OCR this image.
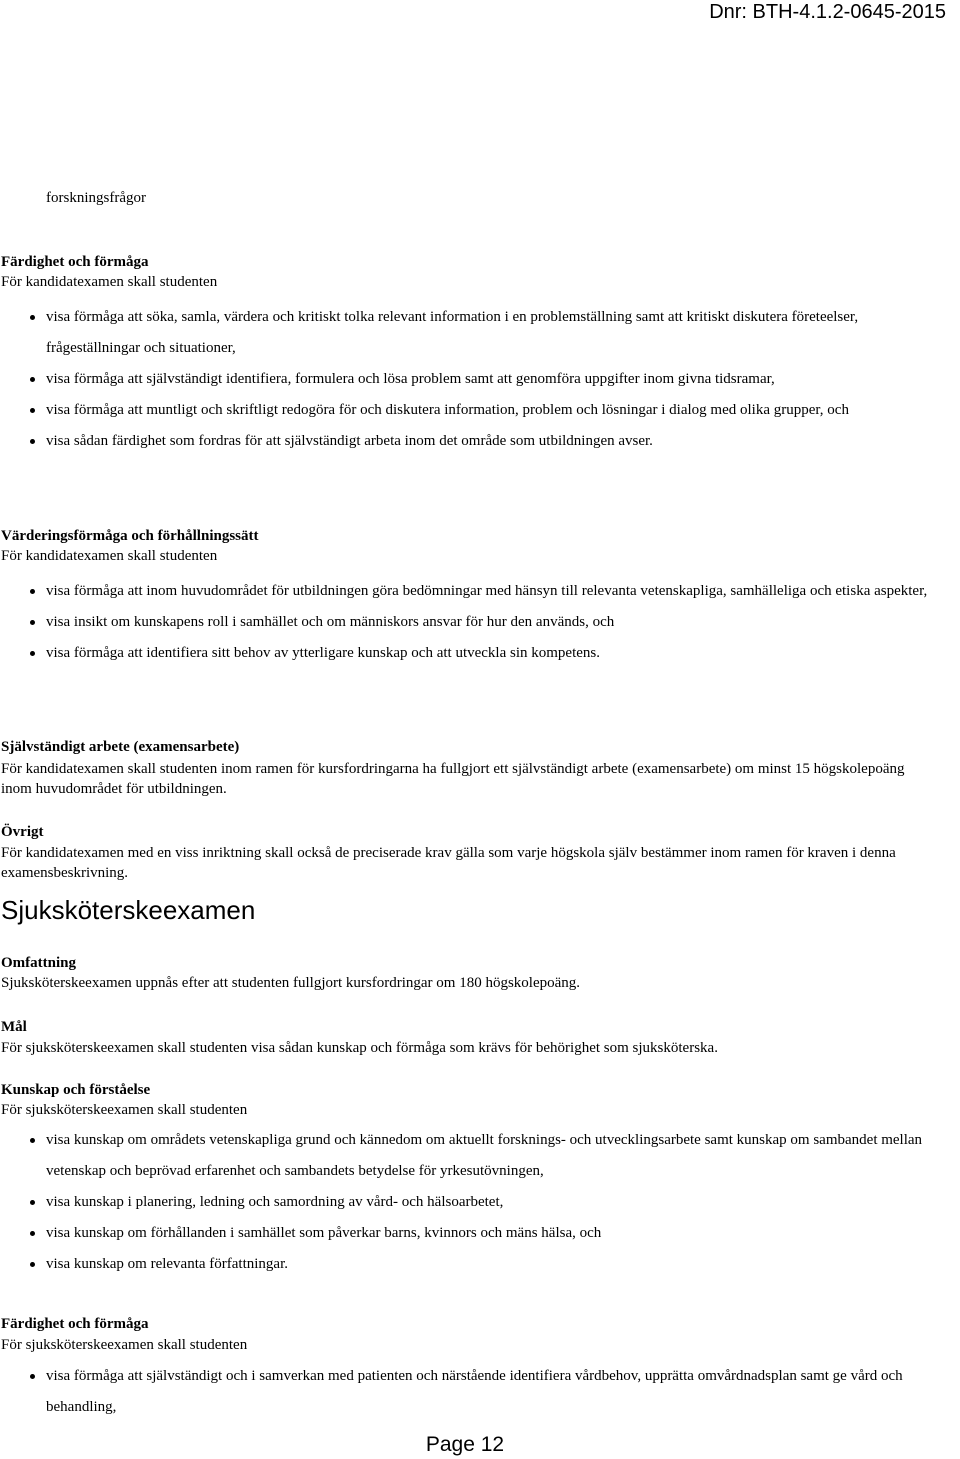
Dnr: BTH-4.1.2-0645-2015

forskningsfrågor

Färdighet och förmåga

För kandidatexamen skall studenten

visa förmåga att söka, samla, värdera och kritiskt tolka relevant information i en problemställning samt att kritiskt diskutera företeelser, frågeställningar och situationer,
visa förmåga att självständigt identifiera, formulera och lösa problem samt att genomföra uppgifter inom givna tidsramar,
visa förmåga att muntligt och skriftligt redogöra för och diskutera information, problem och lösningar i dialog med olika grupper, och
visa sådan färdighet som fordras för att självständigt arbeta inom det område som utbildningen avser.

Värderingsförmåga och förhållningssätt

För kandidatexamen skall studenten

visa förmåga att inom huvudområdet för utbildningen göra bedömningar med hänsyn till relevanta vetenskapliga, samhälleliga och etiska aspekter,
visa insikt om kunskapens roll i samhället och om människors ansvar för hur den används, och
visa förmåga att identifiera sitt behov av ytterligare kunskap och att utveckla sin kompetens.

Självständigt arbete (examensarbete)

För kandidatexamen skall studenten inom ramen för kursfordringarna ha fullgjort ett självständigt arbete (examensarbete) om minst 15 högskolepoäng inom huvudområdet för utbildningen.

Övrigt

För kandidatexamen med en viss inriktning skall också de preciserade krav gälla som varje högskola själv bestämmer inom ramen för kraven i denna examensbeskrivning.

Sjuksköterskeexamen

Omfattning

Sjuksköterskeexamen uppnås efter att studenten fullgjort kursfordringar om 180 högskolepoäng.

Mål

För sjuksköterskeexamen skall studenten visa sådan kunskap och förmåga som krävs för behörighet som sjuksköterska.

Kunskap och förståelse

För sjuksköterskeexamen skall studenten

visa kunskap om områdets vetenskapliga grund och kännedom om aktuellt forsknings- och utvecklingsarbete samt kunskap om sambandet mellan vetenskap och beprövad erfarenhet och sambandets betydelse för yrkesutövningen,
visa kunskap i planering, ledning och samordning av vård- och hälsoarbetet,
visa kunskap om förhållanden i samhället som påverkar barns, kvinnors och mäns hälsa, och
visa kunskap om relevanta författningar.

Färdighet och förmåga

För sjuksköterskeexamen skall studenten

visa förmåga att självständigt och i samverkan med patienten och närstående identifiera vårdbehov, upprätta omvårdnadsplan samt ge vård och behandling,
Page 12
